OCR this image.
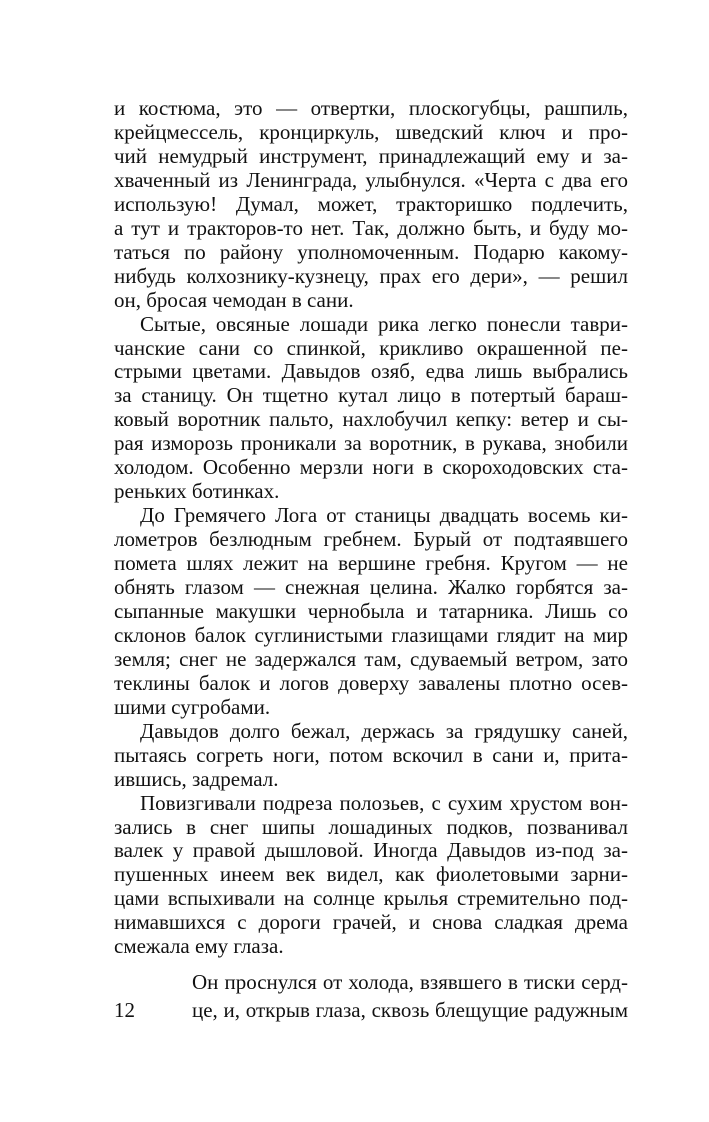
и костюма, это — отвертки, плоскогубцы, рашпиль,
крейцмессель, кронциркуль, шведский ключ и про-
чий немудрый инструмент, принадлежащий ему и за-
хваченный из Ленинграда, улыбнулся. «Черта с два его
использую! Думал, может, тракторишко подлечить,
а тут и тракторов-то нет. Так, должно быть, и буду мо-
таться по району уполномоченным. Подарю какому-
нибудь колхознику-кузнецу, прах его дери», — решил
он, бросая чемодан в сани.
Сытые, овсяные лошади рика легко понесли таври-
чанские сани со спинкой, крикливо окрашенной пе-
стрыми цветами. Давыдов озяб, едва лишь выбрались
за станицу. Он тщетно кутал лицо в потертый бараш-
ковый воротник пальто, нахлобучил кепку: ветер и сы-
рая изморозь проникали за воротник, в рукава, знобили
холодом. Особенно мерзли ноги в скороходовских ста-
реньких ботинках.
До Гремячего Лога от станицы двадцать восемь ки-
лометров безлюдным гребнем. Бурый от подтаявшего
помета шлях лежит на вершине гребня. Кругом — не
обнять глазом — снежная целина. Жалко горбятся за-
сыпанные макушки чернобыла и татарника. Лишь со
склонов балок суглинистыми глазищами глядит на мир
земля; снег не задержался там, сдуваемый ветром, зато
теклины балок и логов доверху завалены плотно осев-
шими сугробами.
Давыдов долго бежал, держась за грядушку саней,
пытаясь согреть ноги, потом вскочил в сани и, прита-
ившись, задремал.
Повизгивали подреза полозьев, с сухим хрустом вон-
зались в снег шипы лошадиных подков, позванивал
валек у правой дышловой. Иногда Давыдов из-под за-
пушенных инеем век видел, как фиолетовыми зарни-
цами вспыхивали на солнце крылья стремительно под-
нимавшихся с дороги грачей, и снова сладкая дрема
смежала ему глаза.
12
Он проснулся от холода, взявшего в тиски серд-
це, и, открыв глаза, сквозь блещущие радужным
